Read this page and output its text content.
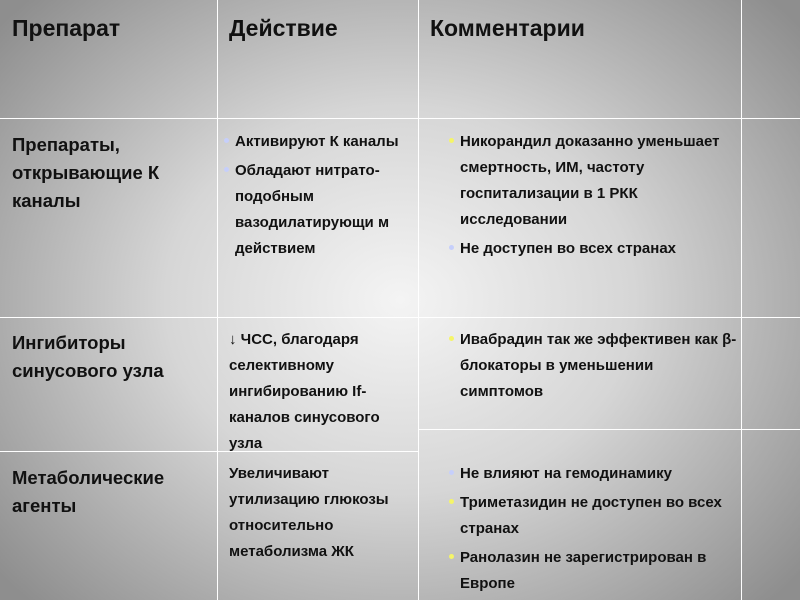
Препарат	Действие	Комментарии
Препараты, открывающие К каналы
Активируют К каналы
Обладают нитрато-подобным вазодилатирующи м действием
Никорандил доказанно уменьшает смертность, ИМ, частоту госпитализации в 1 РКК исследовании
Не доступен во всех странах
Ингибиторы синусового узла
↓ ЧСС, благодаря селективному ингибированию If-каналов синусового узла
Ивабрадин так же эффективен как β- блокаторы в уменьшении симптомов
Метаболические агенты
Увеличивают утилизацию глюкозы относительно метаболизма ЖК
Не влияют на гемодинамику
Триметазидин не доступен во всех странах
Ранолазин не зарегистрирован в Европе
